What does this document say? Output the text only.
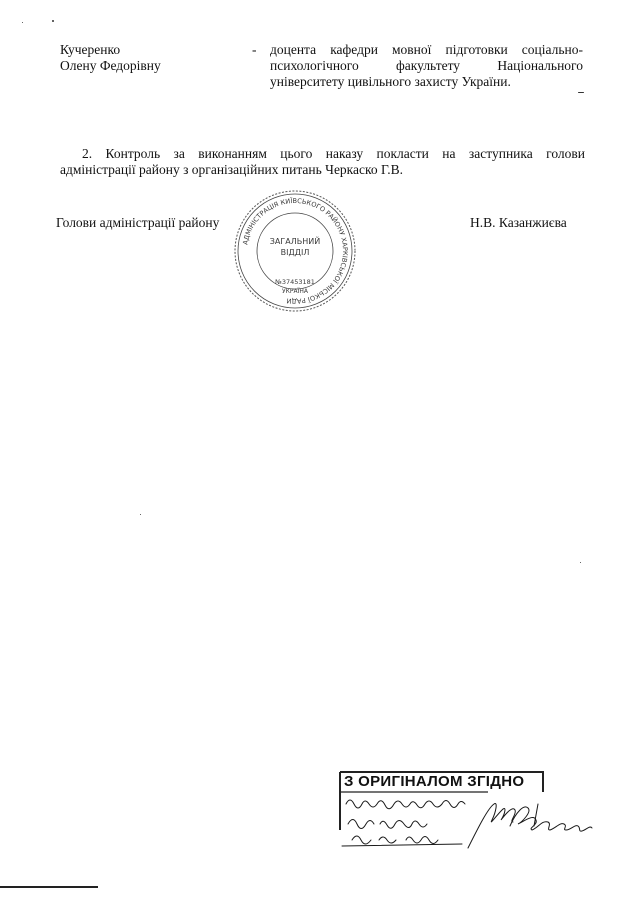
Кучеренко
Олену Федорівну
- доцента кафедри мовної підготовки соціально-
психологічного факультету Національного
університету цивільного захисту України.
2. Контроль за виконанням цього наказу покласти на заступника голови
адміністрації району з організаційних питань Черкаско Г.В.
Голови адміністрації району	Н.В. Казанжиєва
АДМІНІСТРАЦІЯ КИЇВСЬКОГО РАЙОНУ ХАРКІВСЬКОЇ МІСЬКОЇ РАДИ
ЗАГАЛЬНИЙ
ВІДДІЛ
№37453181
УКРАЇНА
З ОРИГІНАЛОМ ЗГІДНО
